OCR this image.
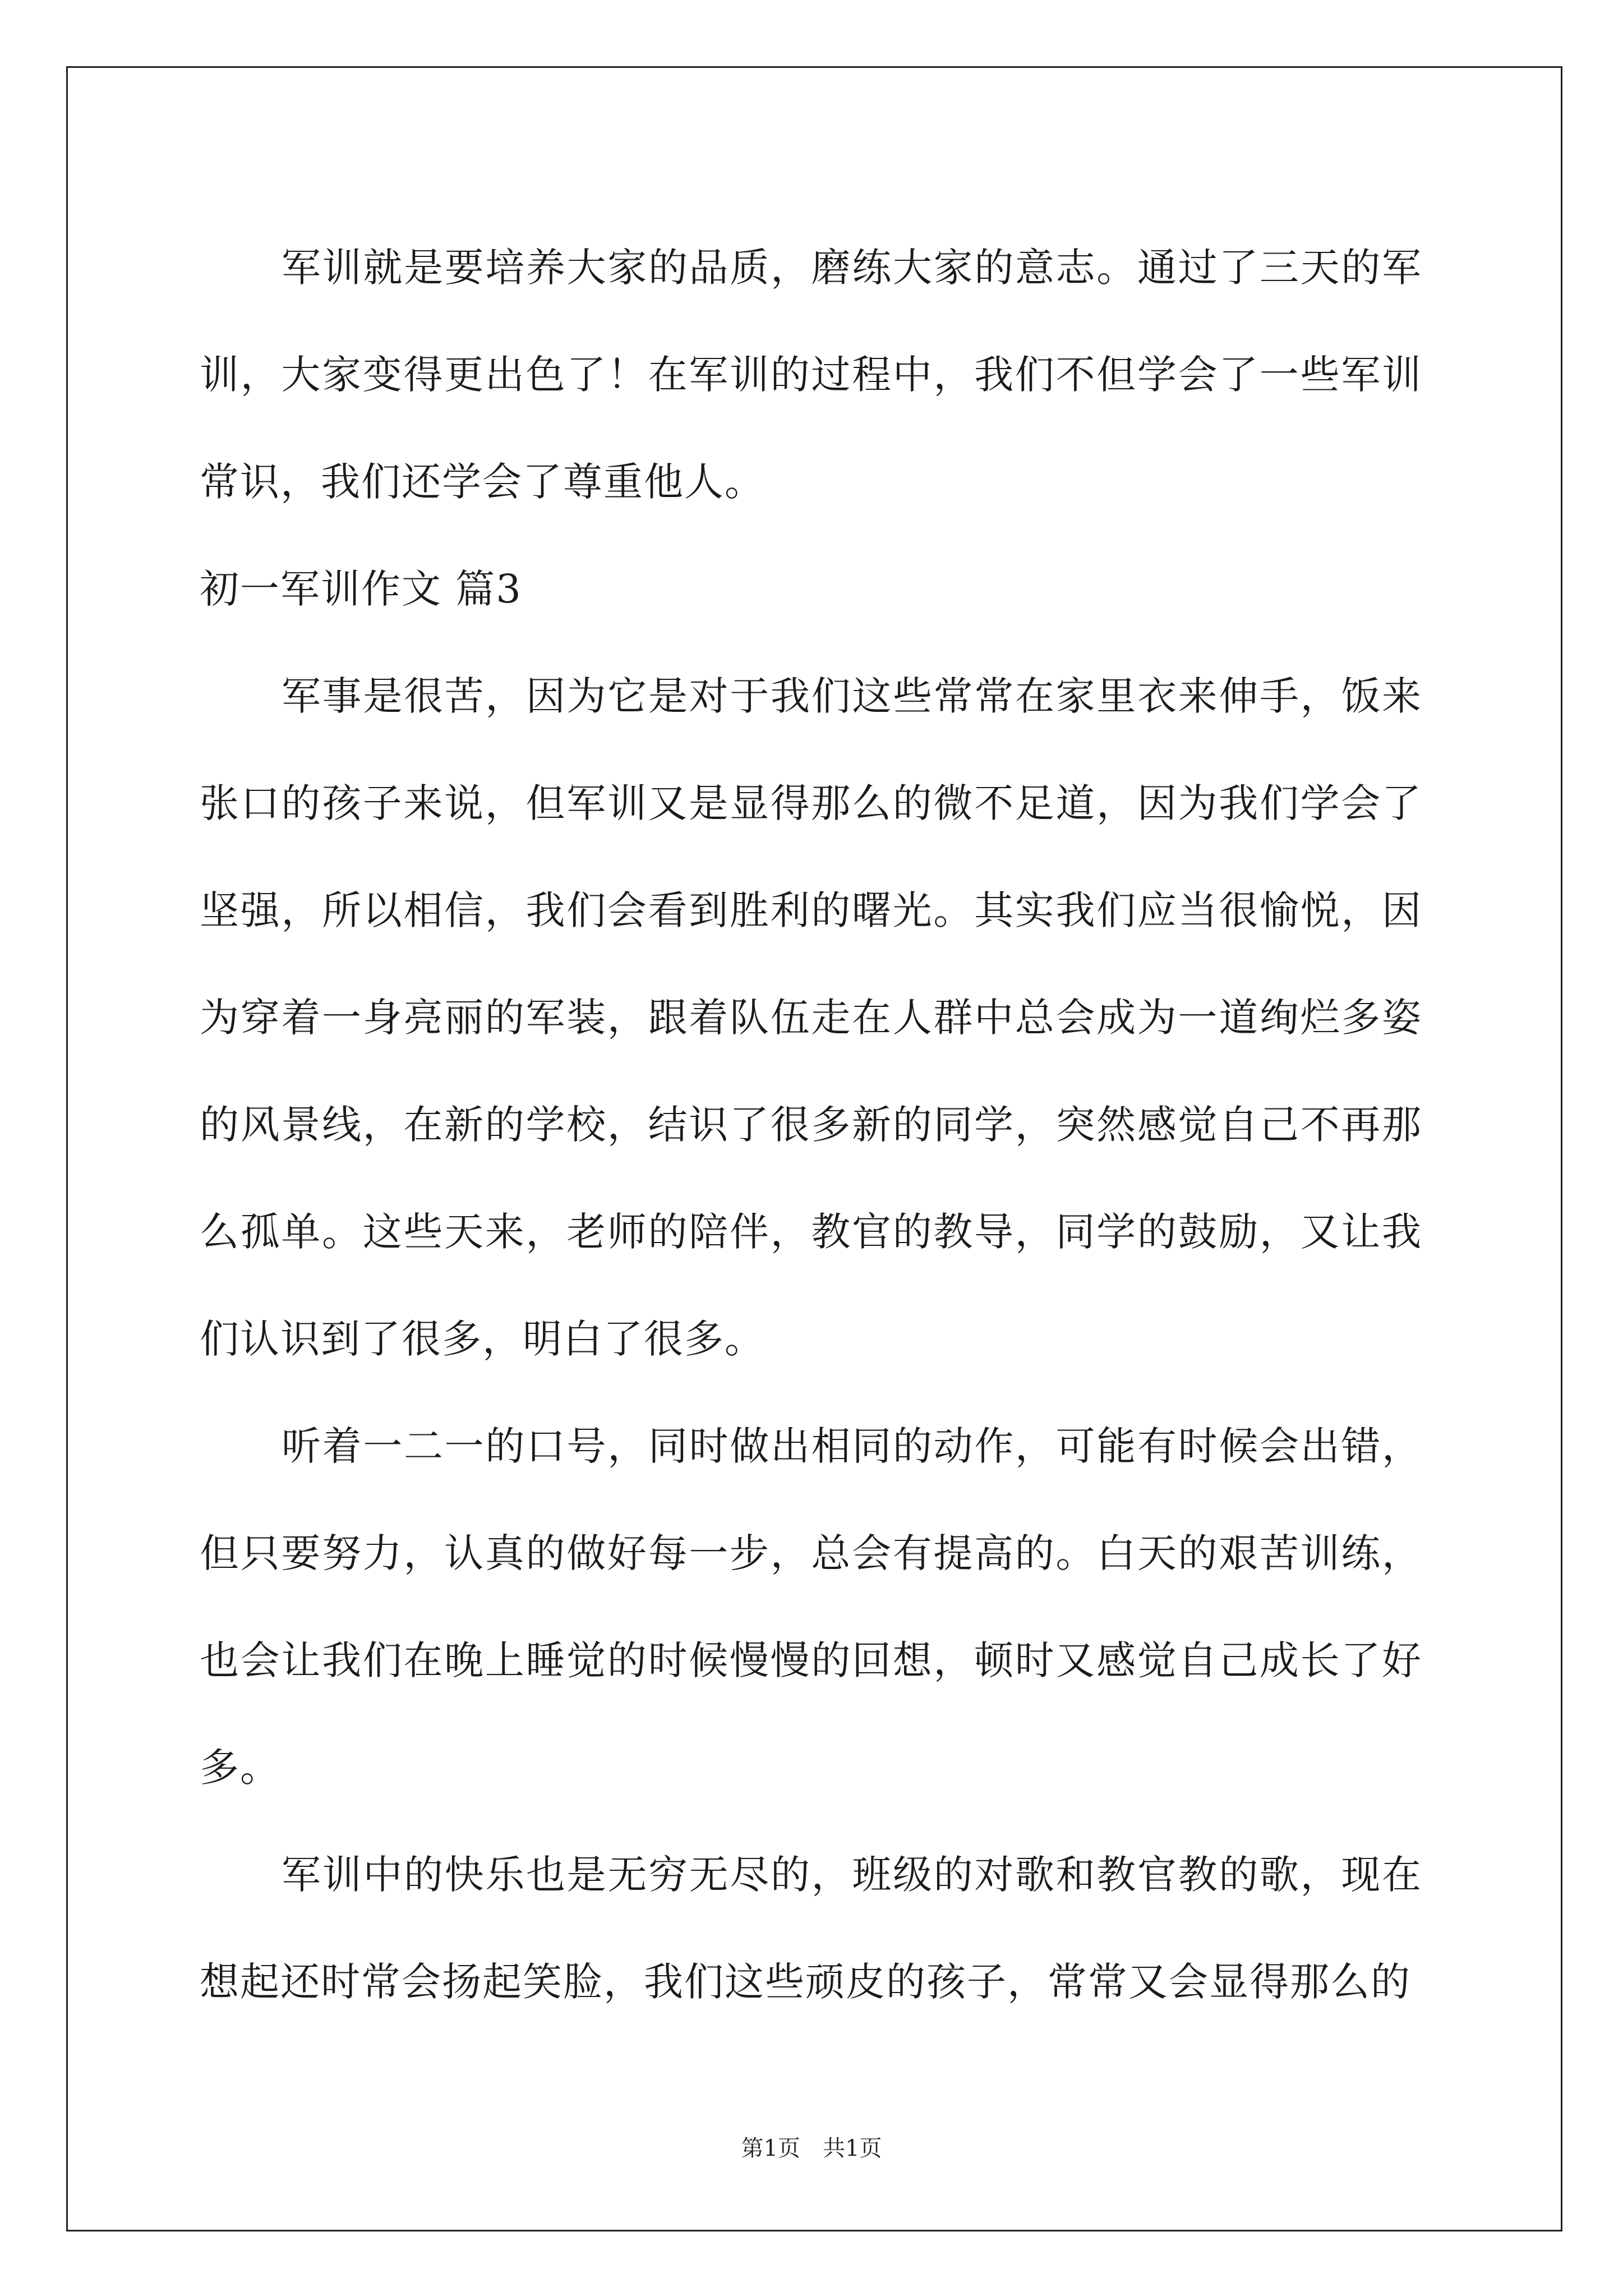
军训就是要培养大家的品质，磨练大家的意志。通过了三天的军训，大家变得更出色了！在军训的过程中，我们不但学会了一些军训常识，我们还学会了尊重他人。

初一军训作文 篇3

军事是很苦，因为它是对于我们这些常常在家里衣来伸手，饭来张口的孩子来说，但军训又是显得那么的微不足道，因为我们学会了坚强，所以相信，我们会看到胜利的曙光。其实我们应当很愉悦，因为穿着一身亮丽的军装，跟着队伍走在人群中总会成为一道绚烂多姿的风景线，在新的学校，结识了很多新的同学，突然感觉自己不再那么孤单。这些天来，老师的陪伴，教官的教导，同学的鼓励，又让我们认识到了很多，明白了很多。

听着一二一的口号，同时做出相同的动作，可能有时候会出错，但只要努力，认真的做好每一步，总会有提高的。白天的艰苦训练，也会让我们在晚上睡觉的时候慢慢的回想，顿时又感觉自己成长了好多。

军训中的快乐也是无穷无尽的，班级的对歌和教官教的歌，现在想起还时常会扬起笑脸，我们这些顽皮的孩子，常常又会显得那么的

第1页　共1页
